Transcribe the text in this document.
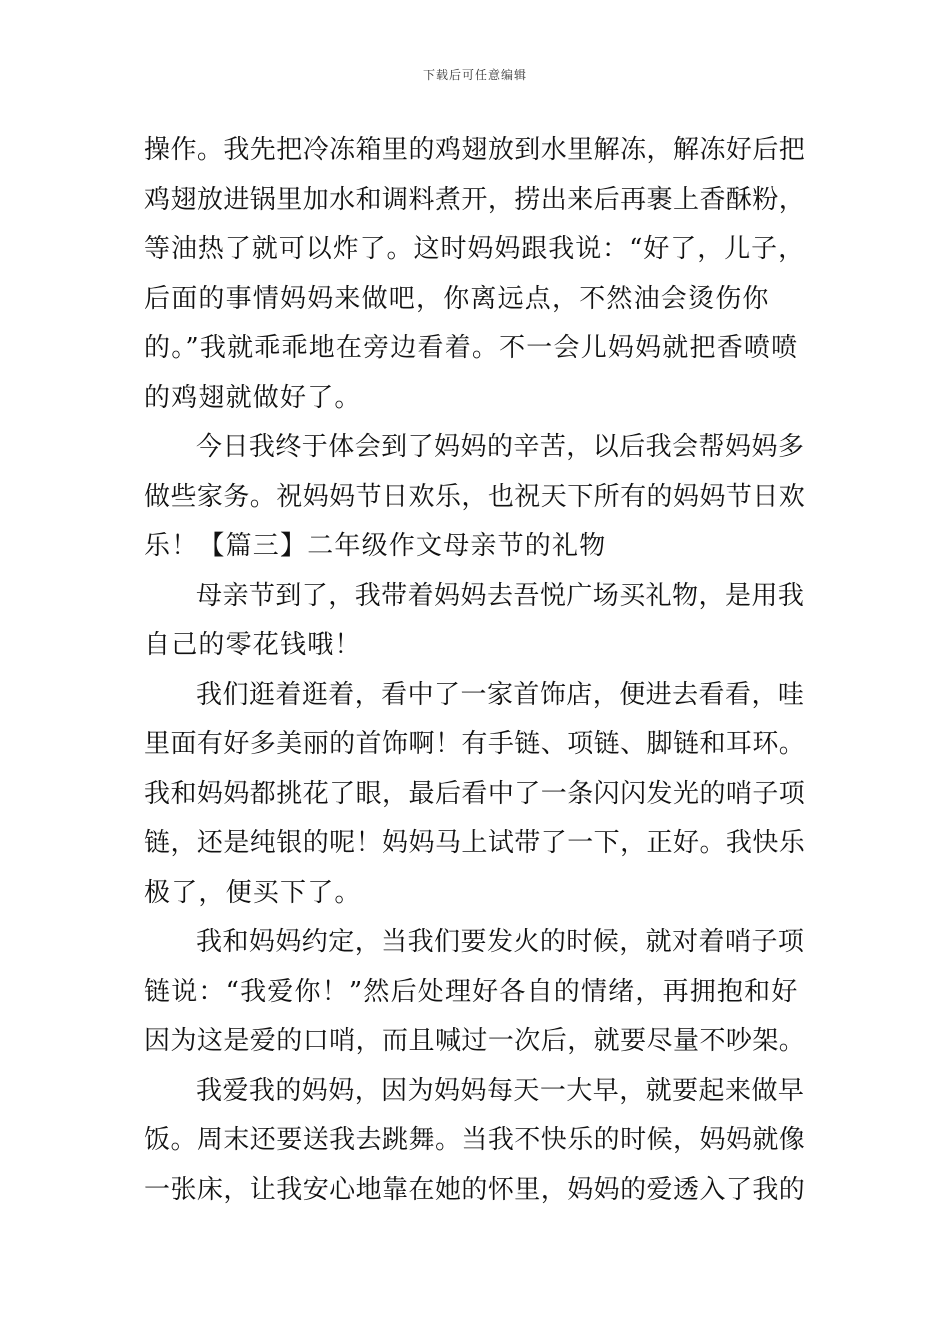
下载后可任意编辑
操作。我先把冷冻箱里的鸡翅放到水里解冻，解冻好后把
鸡翅放进锅里加水和调料煮开，捞出来后再裹上香酥粉，
等油热了就可以炸了。这时妈妈跟我说：“好了，儿子，
后面的事情妈妈来做吧，你离远点，不然油会烫伤你
的。”我就乖乖地在旁边看着。不一会儿妈妈就把香喷喷
的鸡翅就做好了。
今日我终于体会到了妈妈的辛苦，以后我会帮妈妈多
做些家务。祝妈妈节日欢乐，也祝天下所有的妈妈节日欢
乐！【篇三】二年级作文母亲节的礼物
母亲节到了，我带着妈妈去吾悦广场买礼物，是用我
自己的零花钱哦！
我们逛着逛着，看中了一家首饰店，便进去看看，哇
里面有好多美丽的首饰啊！有手链、项链、脚链和耳环。
我和妈妈都挑花了眼，最后看中了一条闪闪发光的哨子项
链，还是纯银的呢！妈妈马上试带了一下，正好。我快乐
极了，便买下了。
我和妈妈约定，当我们要发火的时候，就对着哨子项
链说：“我爱你！”然后处理好各自的情绪，再拥抱和好
因为这是爱的口哨，而且喊过一次后，就要尽量不吵架。
我爱我的妈妈，因为妈妈每天一大早，就要起来做早
饭。周末还要送我去跳舞。当我不快乐的时候，妈妈就像
一张床，让我安心地靠在她的怀里，妈妈的爱透入了我的
